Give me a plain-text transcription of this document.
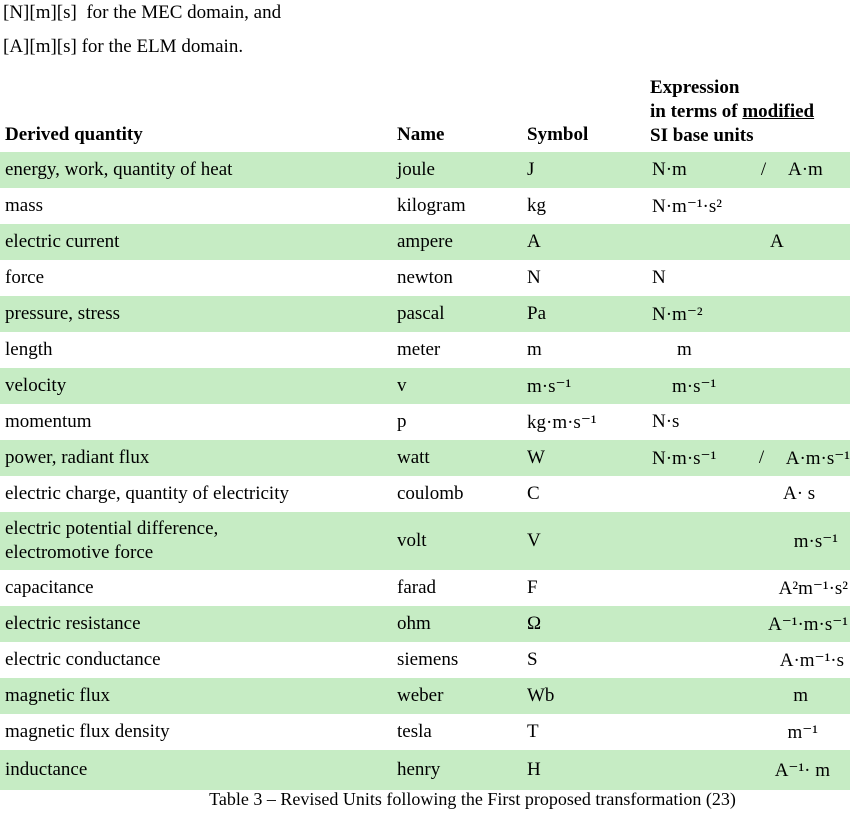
[N][m][s]  for the MEC domain, and
[A][m][s] for the ELM domain.
Derived quantity	Name	Symbol
Expression
in terms of modified
SI base units
energy, work, quantity of heat	joule	J	N·m	/	A·m
mass	kilogram	kg	N·m⁻¹·s²
electric current	ampere	A	A
force	newton	N	N
pressure, stress	pascal	Pa	N·m⁻²
length	meter	m	m
velocity	v	m·s⁻¹	m·s⁻¹
momentum	p	kg·m·s⁻¹	N·s
power, radiant flux	watt	W	N·m·s⁻¹	/	A·m·s⁻¹
electric charge, quantity of electricity	coulomb	C	A· s
electric potential difference,
electromotive force
volt	V	m·s⁻¹
capacitance	farad	F	A²m⁻¹·s²
electric resistance	ohm	Ω	A⁻¹·m·s⁻¹
electric conductance	siemens	S	A·m⁻¹·s
magnetic flux	weber	Wb	m
magnetic flux density	tesla	T	m⁻¹
inductance	henry	H	A⁻¹· m
Table 3 – Revised Units following the First proposed transformation (23)
